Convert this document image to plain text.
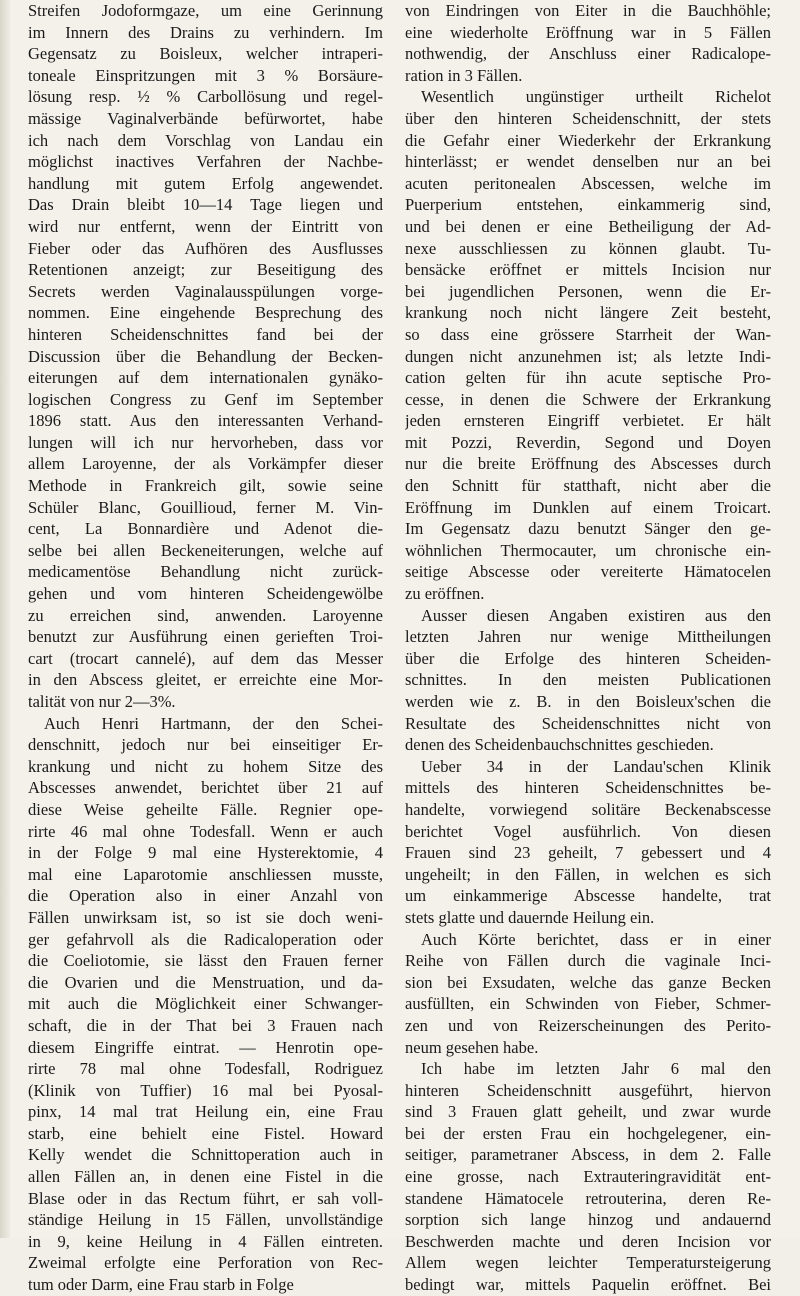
Streifen Jodoformgaze, um eine Gerinnung
im Innern des Drains zu verhindern. Im
Gegensatz zu Boisleux, welcher intraperi-
toneale Einspritzungen mit 3 % Borsäure-
lösung resp. ½ % Carbollösung und regel-
mässige Vaginalverbände befürwortet, habe
ich nach dem Vorschlag von Landau ein
möglichst inactives Verfahren der Nachbe-
handlung mit gutem Erfolg angewendet.
Das Drain bleibt 10—14 Tage liegen und
wird nur entfernt, wenn der Eintritt von
Fieber oder das Aufhören des Ausflusses
Retentionen anzeigt; zur Beseitigung des
Secrets werden Vaginalausspülungen vorge-
nommen. Eine eingehende Besprechung des
hinteren Scheidenschnittes fand bei der
Discussion über die Behandlung der Becken-
eiterungen auf dem internationalen gynäko-
logischen Congress zu Genf im September
1896 statt. Aus den interessanten Verhand-
lungen will ich nur hervorheben, dass vor
allem Laroyenne, der als Vorkämpfer dieser
Methode in Frankreich gilt, sowie seine
Schüler Blanc, Gouillioud, ferner M. Vin-
cent, La Bonnardière und Adenot die-
selbe bei allen Beckeneiterungen, welche auf
medicamentöse Behandlung nicht zurück-
gehen und vom hinteren Scheidengewölbe
zu erreichen sind, anwenden. Laroyenne
benutzt zur Ausführung einen gerieften Troi-
cart (trocart cannelé), auf dem das Messer
in den Abscess gleitet, er erreichte eine Mor-
talität von nur 2—3%.
Auch Henri Hartmann, der den Schei-
denschnitt, jedoch nur bei einseitiger Er-
krankung und nicht zu hohem Sitze des
Abscesses anwendet, berichtet über 21 auf
diese Weise geheilte Fälle. Regnier ope-
rirte 46 mal ohne Todesfall. Wenn er auch
in der Folge 9 mal eine Hysterektomie, 4
mal eine Laparotomie anschliessen musste,
die Operation also in einer Anzahl von
Fällen unwirksam ist, so ist sie doch weni-
ger gefahrvoll als die Radicaloperation oder
die Coeliotomie, sie lässt den Frauen ferner
die Ovarien und die Menstruation, und da-
mit auch die Möglichkeit einer Schwanger-
schaft, die in der That bei 3 Frauen nach
diesem Eingriffe eintrat. — Henrotin ope-
rirte 78 mal ohne Todesfall, Rodriguez
(Klinik von Tuffier) 16 mal bei Pyosal-
pinx, 14 mal trat Heilung ein, eine Frau
starb, eine behielt eine Fistel. Howard
Kelly wendet die Schnittoperation auch in
allen Fällen an, in denen eine Fistel in die
Blase oder in das Rectum führt, er sah voll-
ständige Heilung in 15 Fällen, unvollständige
in 9, keine Heilung in 4 Fällen eintreten.
Zweimal erfolgte eine Perforation von Rec-
tum oder Darm, eine Frau starb in Folge
von Eindringen von Eiter in die Bauchhöhle;
eine wiederholte Eröffnung war in 5 Fällen
nothwendig, der Anschluss einer Radicalope-
ration in 3 Fällen.
Wesentlich ungünstiger urtheilt Richelot
über den hinteren Scheidenschnitt, der stets
die Gefahr einer Wiederkehr der Erkrankung
hinterlässt; er wendet denselben nur an bei
acuten peritonealen Abscessen, welche im
Puerperium entstehen, einkammerig sind,
und bei denen er eine Betheiligung der Ad-
nexe ausschliessen zu können glaubt. Tu-
bensäcke eröffnet er mittels Incision nur
bei jugendlichen Personen, wenn die Er-
krankung noch nicht längere Zeit besteht,
so dass eine grössere Starrheit der Wan-
dungen nicht anzunehmen ist; als letzte Indi-
cation gelten für ihn acute septische Pro-
cesse, in denen die Schwere der Erkrankung
jeden ernsteren Eingriff verbietet. Er hält
mit Pozzi, Reverdin, Segond und Doyen
nur die breite Eröffnung des Abscesses durch
den Schnitt für statthaft, nicht aber die
Eröffnung im Dunklen auf einem Troicart.
Im Gegensatz dazu benutzt Sänger den ge-
wöhnlichen Thermocauter, um chronische ein-
seitige Abscesse oder vereiterte Hämatocelen
zu eröffnen.
Ausser diesen Angaben existiren aus den
letzten Jahren nur wenige Mittheilungen
über die Erfolge des hinteren Scheiden-
schnittes. In den meisten Publicationen
werden wie z. B. in den Boisleux'schen die
Resultate des Scheidenschnittes nicht von
denen des Scheidenbauchschnittes geschieden.
Ueber 34 in der Landau'schen Klinik
mittels des hinteren Scheidenschnittes be-
handelte, vorwiegend solitäre Beckenabscesse
berichtet Vogel ausführlich. Von diesen
Frauen sind 23 geheilt, 7 gebessert und 4
ungeheilt; in den Fällen, in welchen es sich
um einkammerige Abscesse handelte, trat
stets glatte und dauernde Heilung ein.
Auch Körte berichtet, dass er in einer
Reihe von Fällen durch die vaginale Inci-
sion bei Exsudaten, welche das ganze Becken
ausfüllten, ein Schwinden von Fieber, Schmer-
zen und von Reizerscheinungen des Perito-
neum gesehen habe.
Ich habe im letzten Jahr 6 mal den
hinteren Scheidenschnitt ausgeführt, hiervon
sind 3 Frauen glatt geheilt, und zwar wurde
bei der ersten Frau ein hochgelegener, ein-
seitiger, parametraner Abscess, in dem 2. Falle
eine grosse, nach Extrauteringravidität ent-
standene Hämatocele retrouterina, deren Re-
sorption sich lange hinzog und andauernd
Beschwerden machte und deren Incision vor
Allem wegen leichter Temperatursteigerung
bedingt war, mittels Paquelin eröffnet. Bei
